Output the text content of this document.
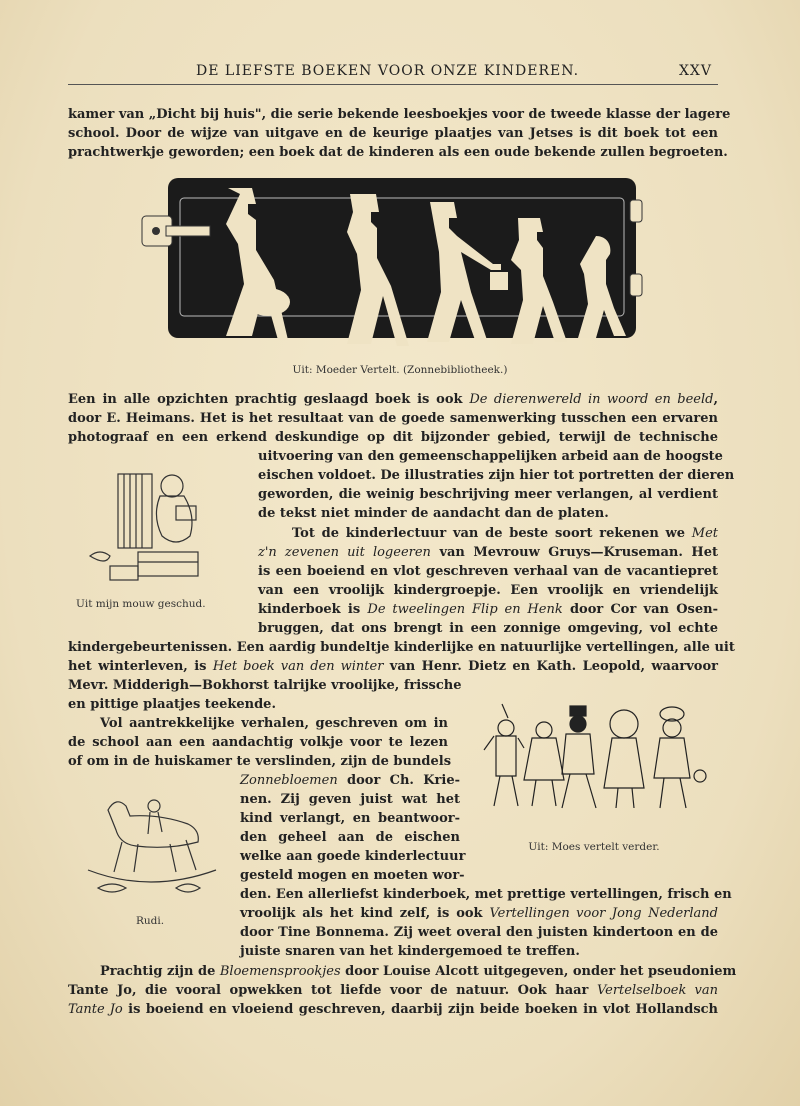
DE LIEFSTE BOEKEN VOOR ONZE KINDEREN.	XXV
Uit: Moeder Vertelt. (Zonnebibliotheek.)
Uit mijn mouw geschud.
Uit: Moes vertelt verder.
Rudi.
kamer van „Dicht bij huis", die serie bekende leesboekjes voor de tweede klasse der lagere
school. Door de wijze van uitgave en de keurige plaatjes van Jetses is dit boek tot een
prachtwerkje geworden; een boek dat de kinderen als een oude bekende zullen begroeten.
Een in alle opzichten prachtig geslaagd boek is ook De dierenwereld in woord en beeld,
door E. Heimans. Het is het resultaat van de goede samenwerking tusschen een ervaren
photograaf en een erkend deskundige op dit bijzonder gebied, terwijl de technische
uitvoering van den gemeenschappelijken arbeid aan de hoogste
eischen voldoet. De illustraties zijn hier tot portretten der dieren
geworden, die weinig beschrijving meer verlangen, al verdient
de tekst niet minder de aandacht dan de platen.
Tot de kinderlectuur van de beste soort rekenen we Met
z'n zevenen uit logeeren van Mevrouw Gruys—Kruseman. Het
is een boeiend en vlot geschreven verhaal van de vacantiepret
van een vroolijk kindergroepje. Een vroolijk en vriendelijk
kinderboek is De tweelingen Flip en Henk door Cor van Osen-
bruggen, dat ons brengt in een zonnige omgeving, vol echte
kindergebeurtenissen. Een aardig bundeltje kinderlijke en natuurlijke vertellingen, alle uit
het winterleven, is Het boek van den winter van Henr. Dietz en Kath. Leopold, waarvoor
Mevr. Midderigh—Bokhorst talrijke vroolijke, frissche
en pittige plaatjes teekende.
Vol aantrekkelijke verhalen, geschreven om in
de school aan een aandachtig volkje voor te lezen
of om in de huiskamer te verslinden, zijn de bundels
Zonnebloemen door Ch. Krie-
nen. Zij geven juist wat het
kind verlangt, en beantwoor-
den geheel aan de eischen
welke aan goede kinderlectuur
gesteld mogen en moeten wor-
den. Een allerliefst kinderboek, met prettige vertellingen, frisch en
vroolijk als het kind zelf, is ook Vertellingen voor Jong Nederland
door Tine Bonnema. Zij weet overal den juisten kindertoon en de
juiste snaren van het kindergemoed te treffen.
Prachtig zijn de Bloemensprookjes door Louise Alcott uitgegeven, onder het pseudoniem
Tante Jo, die vooral opwekken tot liefde voor de natuur. Ook haar Vertelselboek van
Tante Jo is boeiend en vloeiend geschreven, daarbij zijn beide boeken in vlot Hollandsch
